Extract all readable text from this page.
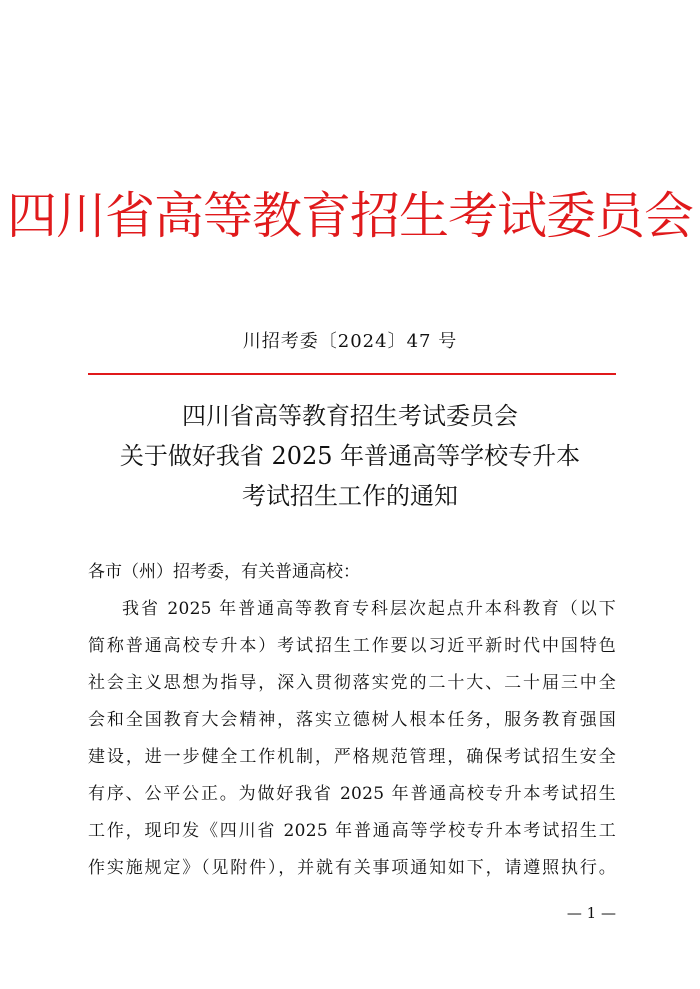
四川省高等教育招生考试委员会
川招考委〔2024〕47 号
四川省高等教育招生考试委员会
关于做好我省 2025 年普通高等学校专升本
考试招生工作的通知
各市（州）招考委，有关普通高校：
我省 2025 年普通高等教育专科层次起点升本科教育（以下
简称普通高校专升本）考试招生工作要以习近平新时代中国特色
社会主义思想为指导，深入贯彻落实党的二十大、二十届三中全
会和全国教育大会精神，落实立德树人根本任务，服务教育强国
建设，进一步健全工作机制，严格规范管理，确保考试招生安全
有序、公平公正。为做好我省 2025 年普通高校专升本考试招生
工作，现印发《四川省 2025 年普通高等学校专升本考试招生工
作实施规定》（见附件），并就有关事项通知如下，请遵照执行。
— 1 —
